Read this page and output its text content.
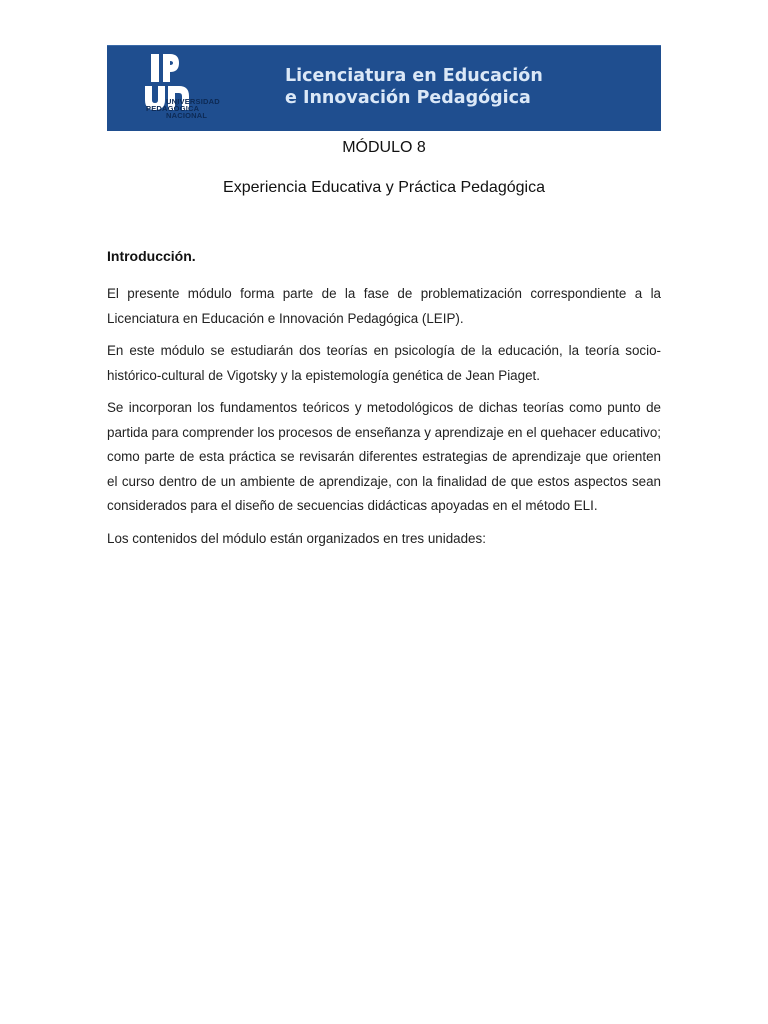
UNIVERSIDAD
PEDAGÓGICA
NACIONAL
Licenciatura en Educación
e Innovación Pedagógica
MÓDULO 8
Experiencia Educativa y Práctica Pedagógica
Introducción.

El presente módulo forma parte de la fase de problematización correspondiente a la Licenciatura en Educación e Innovación Pedagógica (LEIP).

En este módulo se estudiarán dos teorías en psicología de la educación, la teoría socio-histórico-cultural de Vigotsky y la epistemología genética de Jean Piaget.

Se incorporan los fundamentos teóricos y metodológicos de dichas teorías como punto de partida para comprender los procesos de enseñanza y aprendizaje en el quehacer educativo; como parte de esta práctica se revisarán diferentes estrategias de aprendizaje que orienten el curso dentro de un ambiente de aprendizaje, con la finalidad de que estos aspectos sean considerados para el diseño de secuencias didácticas apoyadas en el método ELI.

Los contenidos del módulo están organizados en tres unidades:
